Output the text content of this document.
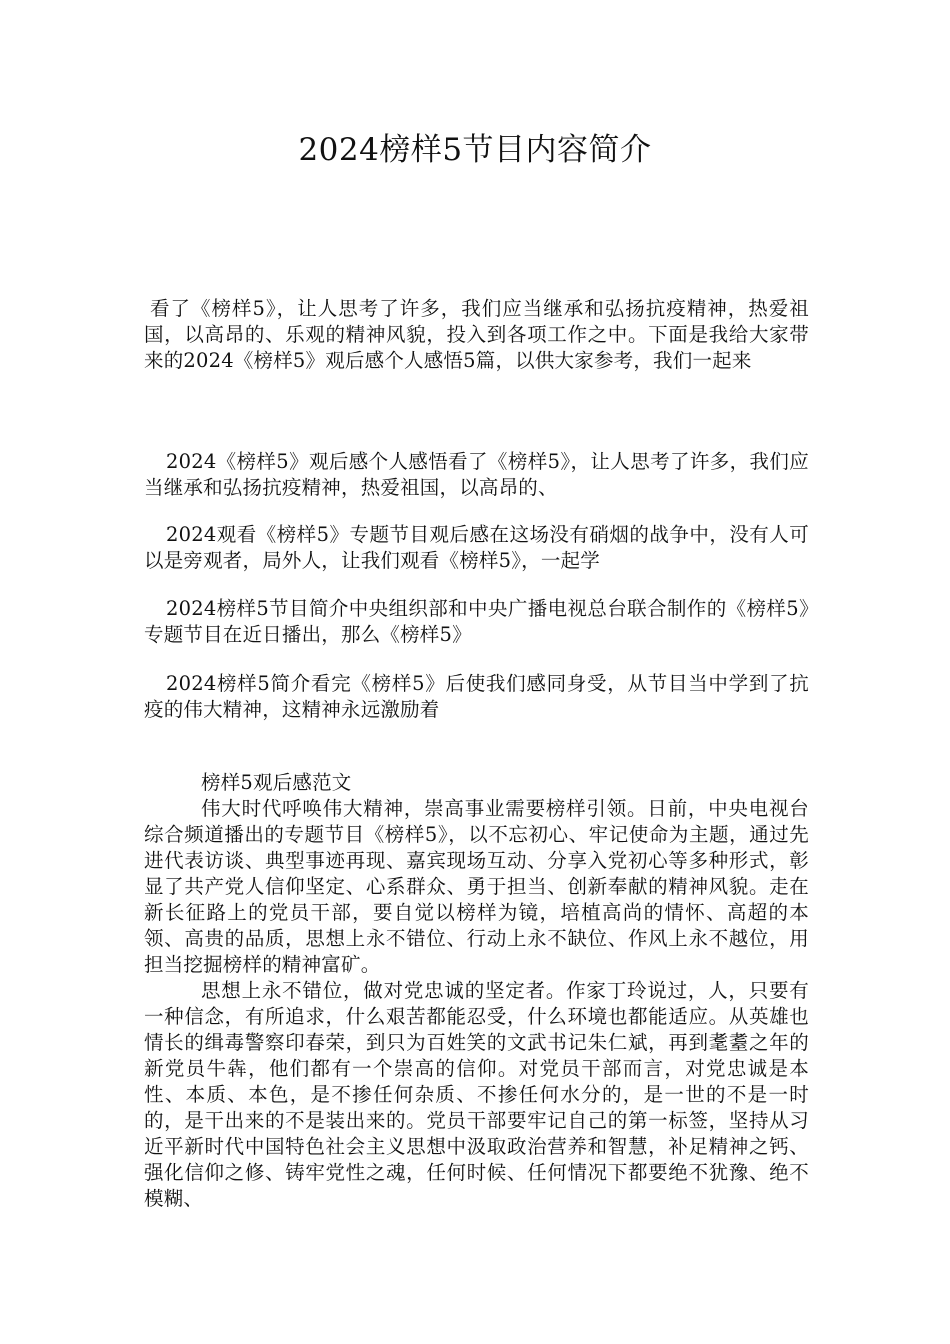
2024榜样5节目内容简介

看了《榜样5》，让人思考了许多，我们应当继承和弘扬抗疫精神，热爱祖国，以高昂的、乐观的精神风貌，投入到各项工作之中。下面是我给大家带来的2024《榜样5》观后感个人感悟5篇，以供大家参考，我们一起来

2024《榜样5》观后感个人感悟看了《榜样5》，让人思考了许多，我们应当继承和弘扬抗疫精神，热爱祖国，以高昂的、

2024观看《榜样5》专题节目观后感在这场没有硝烟的战争中，没有人可以是旁观者，局外人，让我们观看《榜样5》，一起学

2024榜样5节目简介中央组织部和中央广播电视总台联合制作的《榜样5》专题节目在近日播出，那么《榜样5》

2024榜样5简介看完《榜样5》后使我们感同身受，从节目当中学到了抗疫的伟大精神，这精神永远激励着

榜样5观后感范文

伟大时代呼唤伟大精神，崇高事业需要榜样引领。日前，中央电视台综合频道播出的专题节目《榜样5》，以不忘初心、牢记使命为主题，通过先进代表访谈、典型事迹再现、嘉宾现场互动、分享入党初心等多种形式，彰显了共产党人信仰坚定、心系群众、勇于担当、创新奉献的精神风貌。走在新长征路上的党员干部，要自觉以榜样为镜，培植高尚的情怀、高超的本领、高贵的品质，思想上永不错位、行动上永不缺位、作风上永不越位，用担当挖掘榜样的精神富矿。

思想上永不错位，做对党忠诚的坚定者。作家丁玲说过，人，只要有一种信念，有所追求，什么艰苦都能忍受，什么环境也都能适应。从英雄也情长的缉毒警察印春荣，到只为百姓笑的文武书记朱仁斌，再到耄耋之年的新党员牛犇，他们都有一个崇高的信仰。对党员干部而言，对党忠诚是本性、本质、本色，是不掺任何杂质、不掺任何水分的，是一世的不是一时的，是干出来的不是装出来的。党员干部要牢记自己的第一标签，坚持从习近平新时代中国特色社会主义思想中汲取政治营养和智慧，补足精神之钙、强化信仰之修、铸牢党性之魂，任何时候、任何情况下都要绝不犹豫、绝不模糊、
